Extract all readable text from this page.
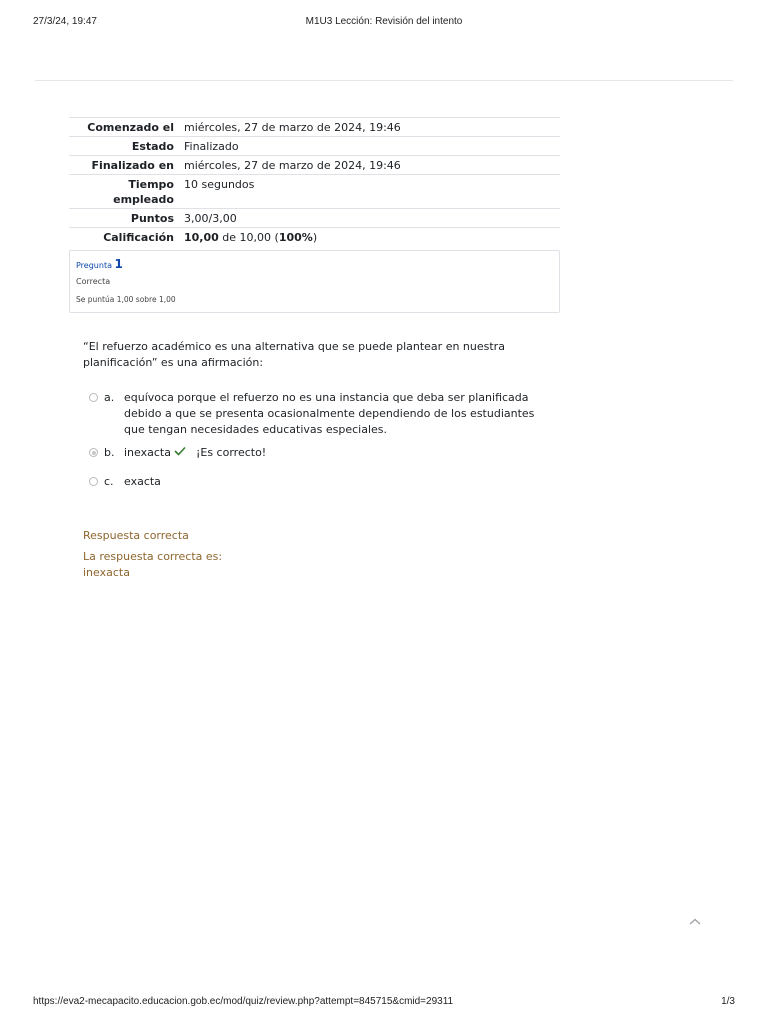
27/3/24, 19:47	M1U3 Lección: Revisión del intento
Comenzado el	miércoles, 27 de marzo de 2024, 19:46
Estado	Finalizado
Finalizado en	miércoles, 27 de marzo de 2024, 19:46
Tiempo empleado	10 segundos
Puntos	3,00/3,00
Calificación	10,00 de 10,00 (100%)
Pregunta 1
Correcta
Se puntúa 1,00 sobre 1,00
“El refuerzo académico es una alternativa que se puede plantear en nuestra planificación” es una afirmación:
a. equívoca porque el refuerzo no es una instancia que deba ser planificada debido a que se presenta ocasionalmente dependiendo de los estudiantes que tengan necesidades educativas especiales.
b. inexacta ¡Es correcto!
c. exacta
Respuesta correcta
La respuesta correcta es:
inexacta
https://eva2-mecapacito.educacion.gob.ec/mod/quiz/review.php?attempt=845715&cmid=29311	1/3
